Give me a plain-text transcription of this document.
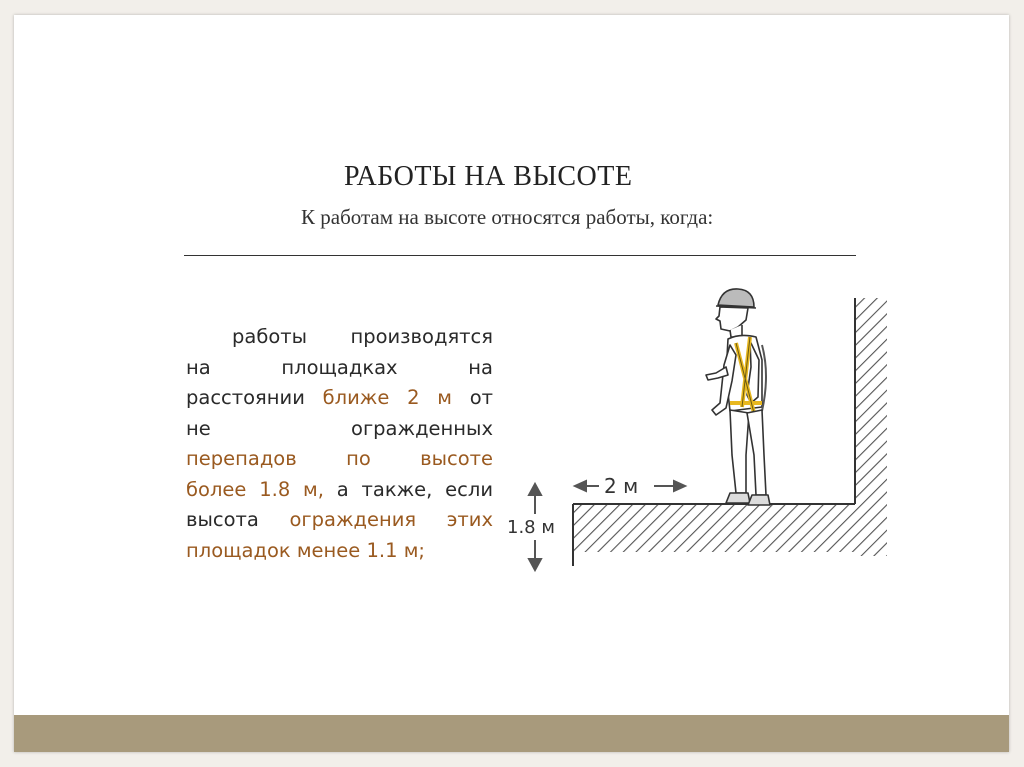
РАБОТЫ НА ВЫСОТЕ
К работам на высоте относятся работы, когда:
работы производятся
на площадках на
расстоянии ближе 2 м от
не огражденных
перепадов по высоте
более 1.8 м, а также, если
высота ограждения этих
площадок менее 1.1 м;
1.8 м
2 м
